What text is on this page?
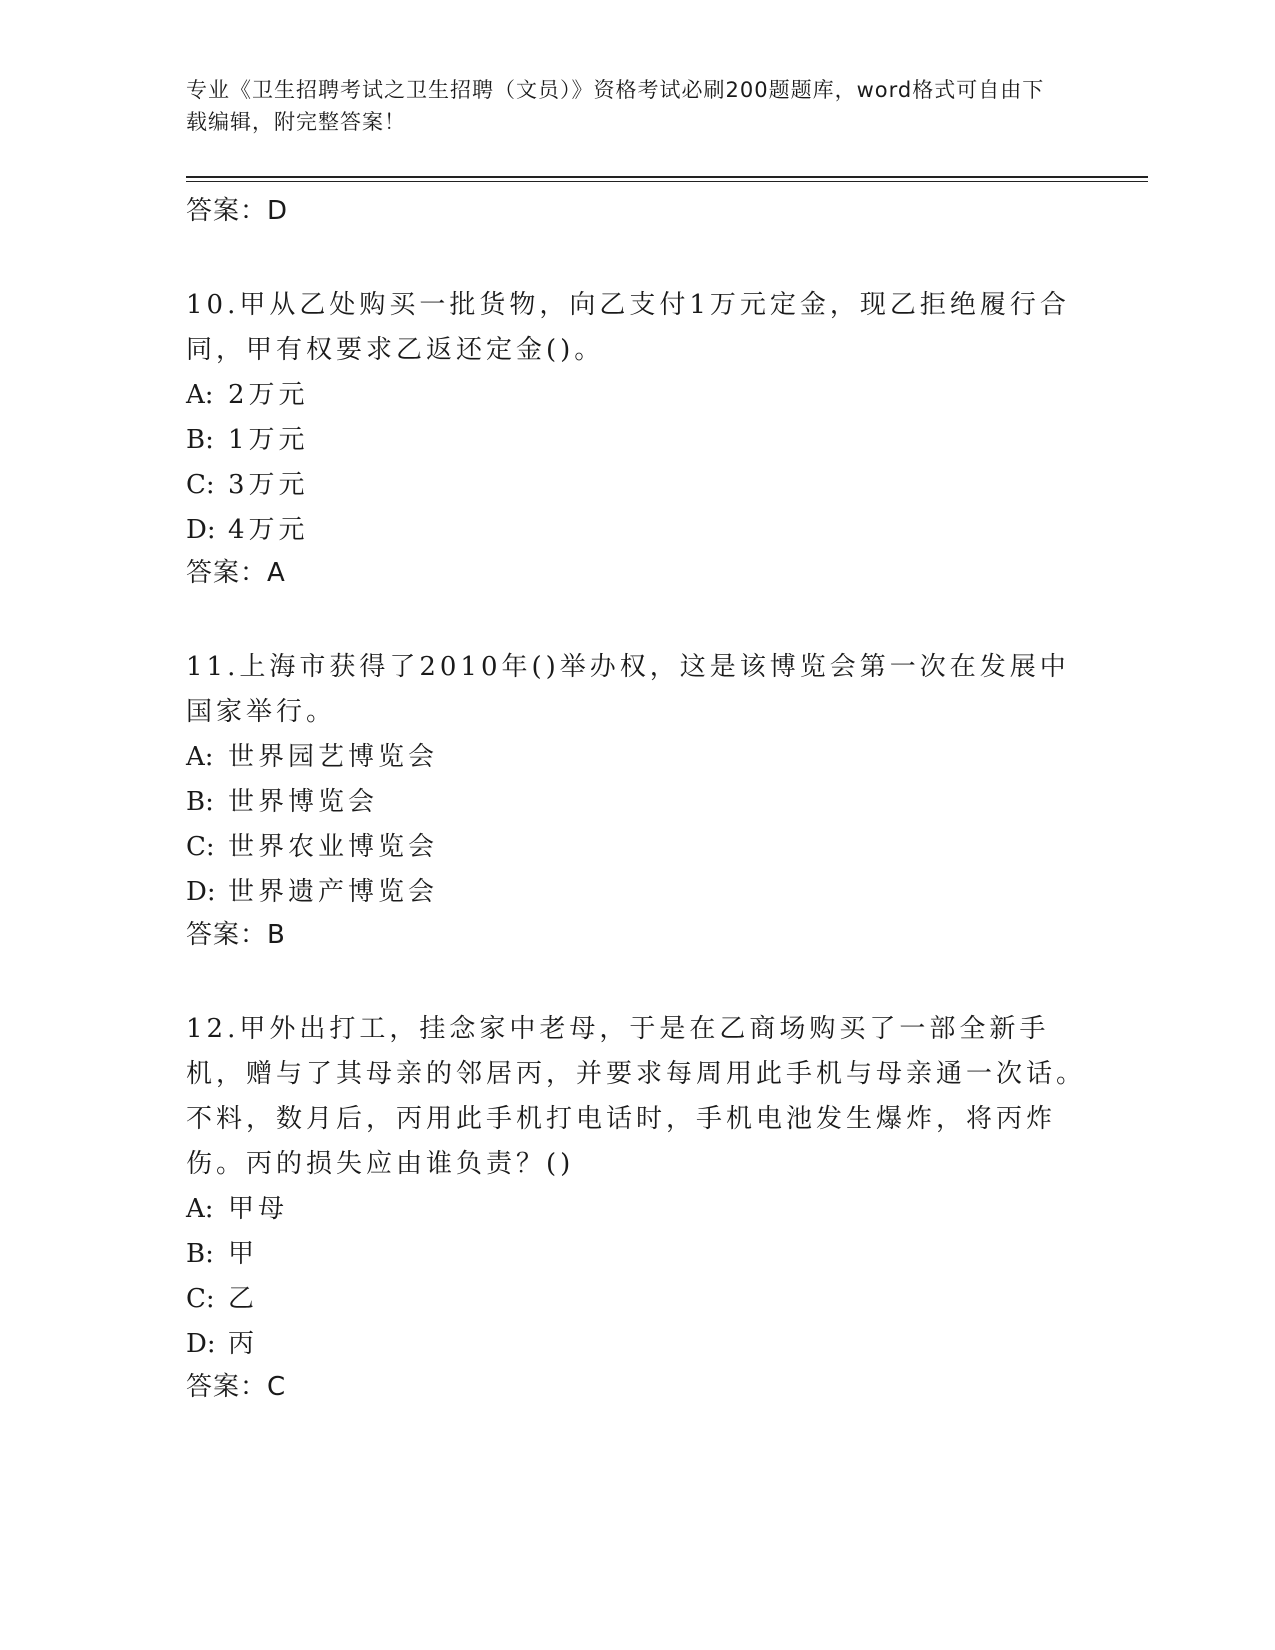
专业《卫生招聘考试之卫生招聘（文员）》资格考试必刷200题题库，word格式可自由下载编辑，附完整答案！
答案：D
10.甲从乙处购买一批货物，向乙支付1万元定金，现乙拒绝履行合同，甲有权要求乙返还定金()。
A: 2万元
B: 1万元
C: 3万元
D: 4万元
答案：A
11.上海市获得了2010年()举办权，这是该博览会第一次在发展中国家举行。
A: 世界园艺博览会
B: 世界博览会
C: 世界农业博览会
D: 世界遗产博览会
答案：B
12.甲外出打工，挂念家中老母，于是在乙商场购买了一部全新手机，赠与了其母亲的邻居丙，并要求每周用此手机与母亲通一次话。不料，数月后，丙用此手机打电话时，手机电池发生爆炸，将丙炸伤。丙的损失应由谁负责？()
A: 甲母
B: 甲
C: 乙
D: 丙
答案：C
